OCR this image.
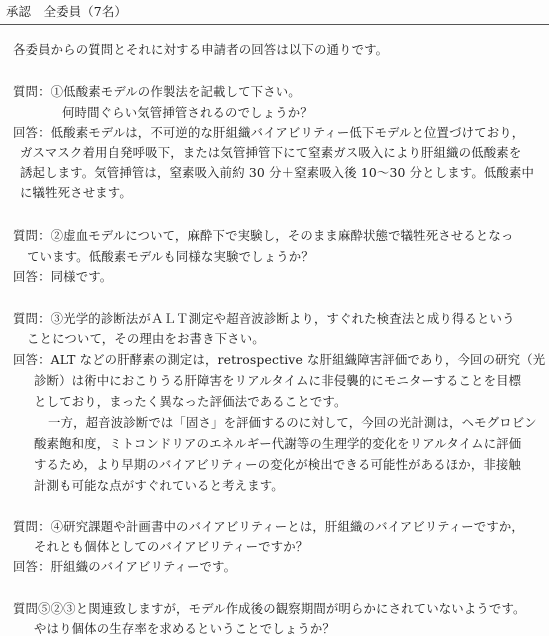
承認　全委員（7名）
各委員からの質問とそれに対する申請者の回答は以下の通りです。
質問：①低酸素モデルの作製法を記載して下さい。
何時間ぐらい気管挿管されるのでしょうか？
回答：低酸素モデルは，不可逆的な肝組織バイアビリティー低下モデルと位置づけており，
ガスマスク着用自発呼吸下，または気管挿管下にて窒素ガス吸入により肝組織の低酸素を
誘起します。気管挿管は，窒素吸入前約 30 分＋窒素吸入後 10～30 分とします。低酸素中
に犠牲死させます。
質問：②虚血モデルについて，麻酔下で実験し，そのまま麻酔状態で犠牲死させるとなっ
ています。低酸素モデルも同様な実験でしょうか？
回答：同様です。
質問：③光学的診断法がＡＬＴ測定や超音波診断より，すぐれた検査法と成り得るという
ことについて，その理由をお書き下さい。
回答：ALT などの肝酵素の測定は，retrospective な肝組織障害評価であり，今回の研究（光
診断）は術中におこりうる肝障害をリアルタイムに非侵襲的にモニターすることを目標
としており，まったく異なった評価法であることです。
一方，超音波診断では「固さ」を評価するのに対して，今回の光計測は，ヘモグロビン
酸素飽和度，ミトコンドリアのエネルギー代謝等の生理学的変化をリアルタイムに評価
するため，より早期のバイアビリティーの変化が検出できる可能性があるほか，非接触
計測も可能な点がすぐれていると考えます。
質問：④研究課題や計画書中のバイアビリティーとは，肝組織のバイアビリティーですか，
それとも個体としてのバイアビリティーですか？
回答：肝組織のバイアビリティーです。
質問⑤②③と関連致しますが，モデル作成後の観察期間が明らかにされていないようです。
やはり個体の生存率を求めるということでしょうか？
